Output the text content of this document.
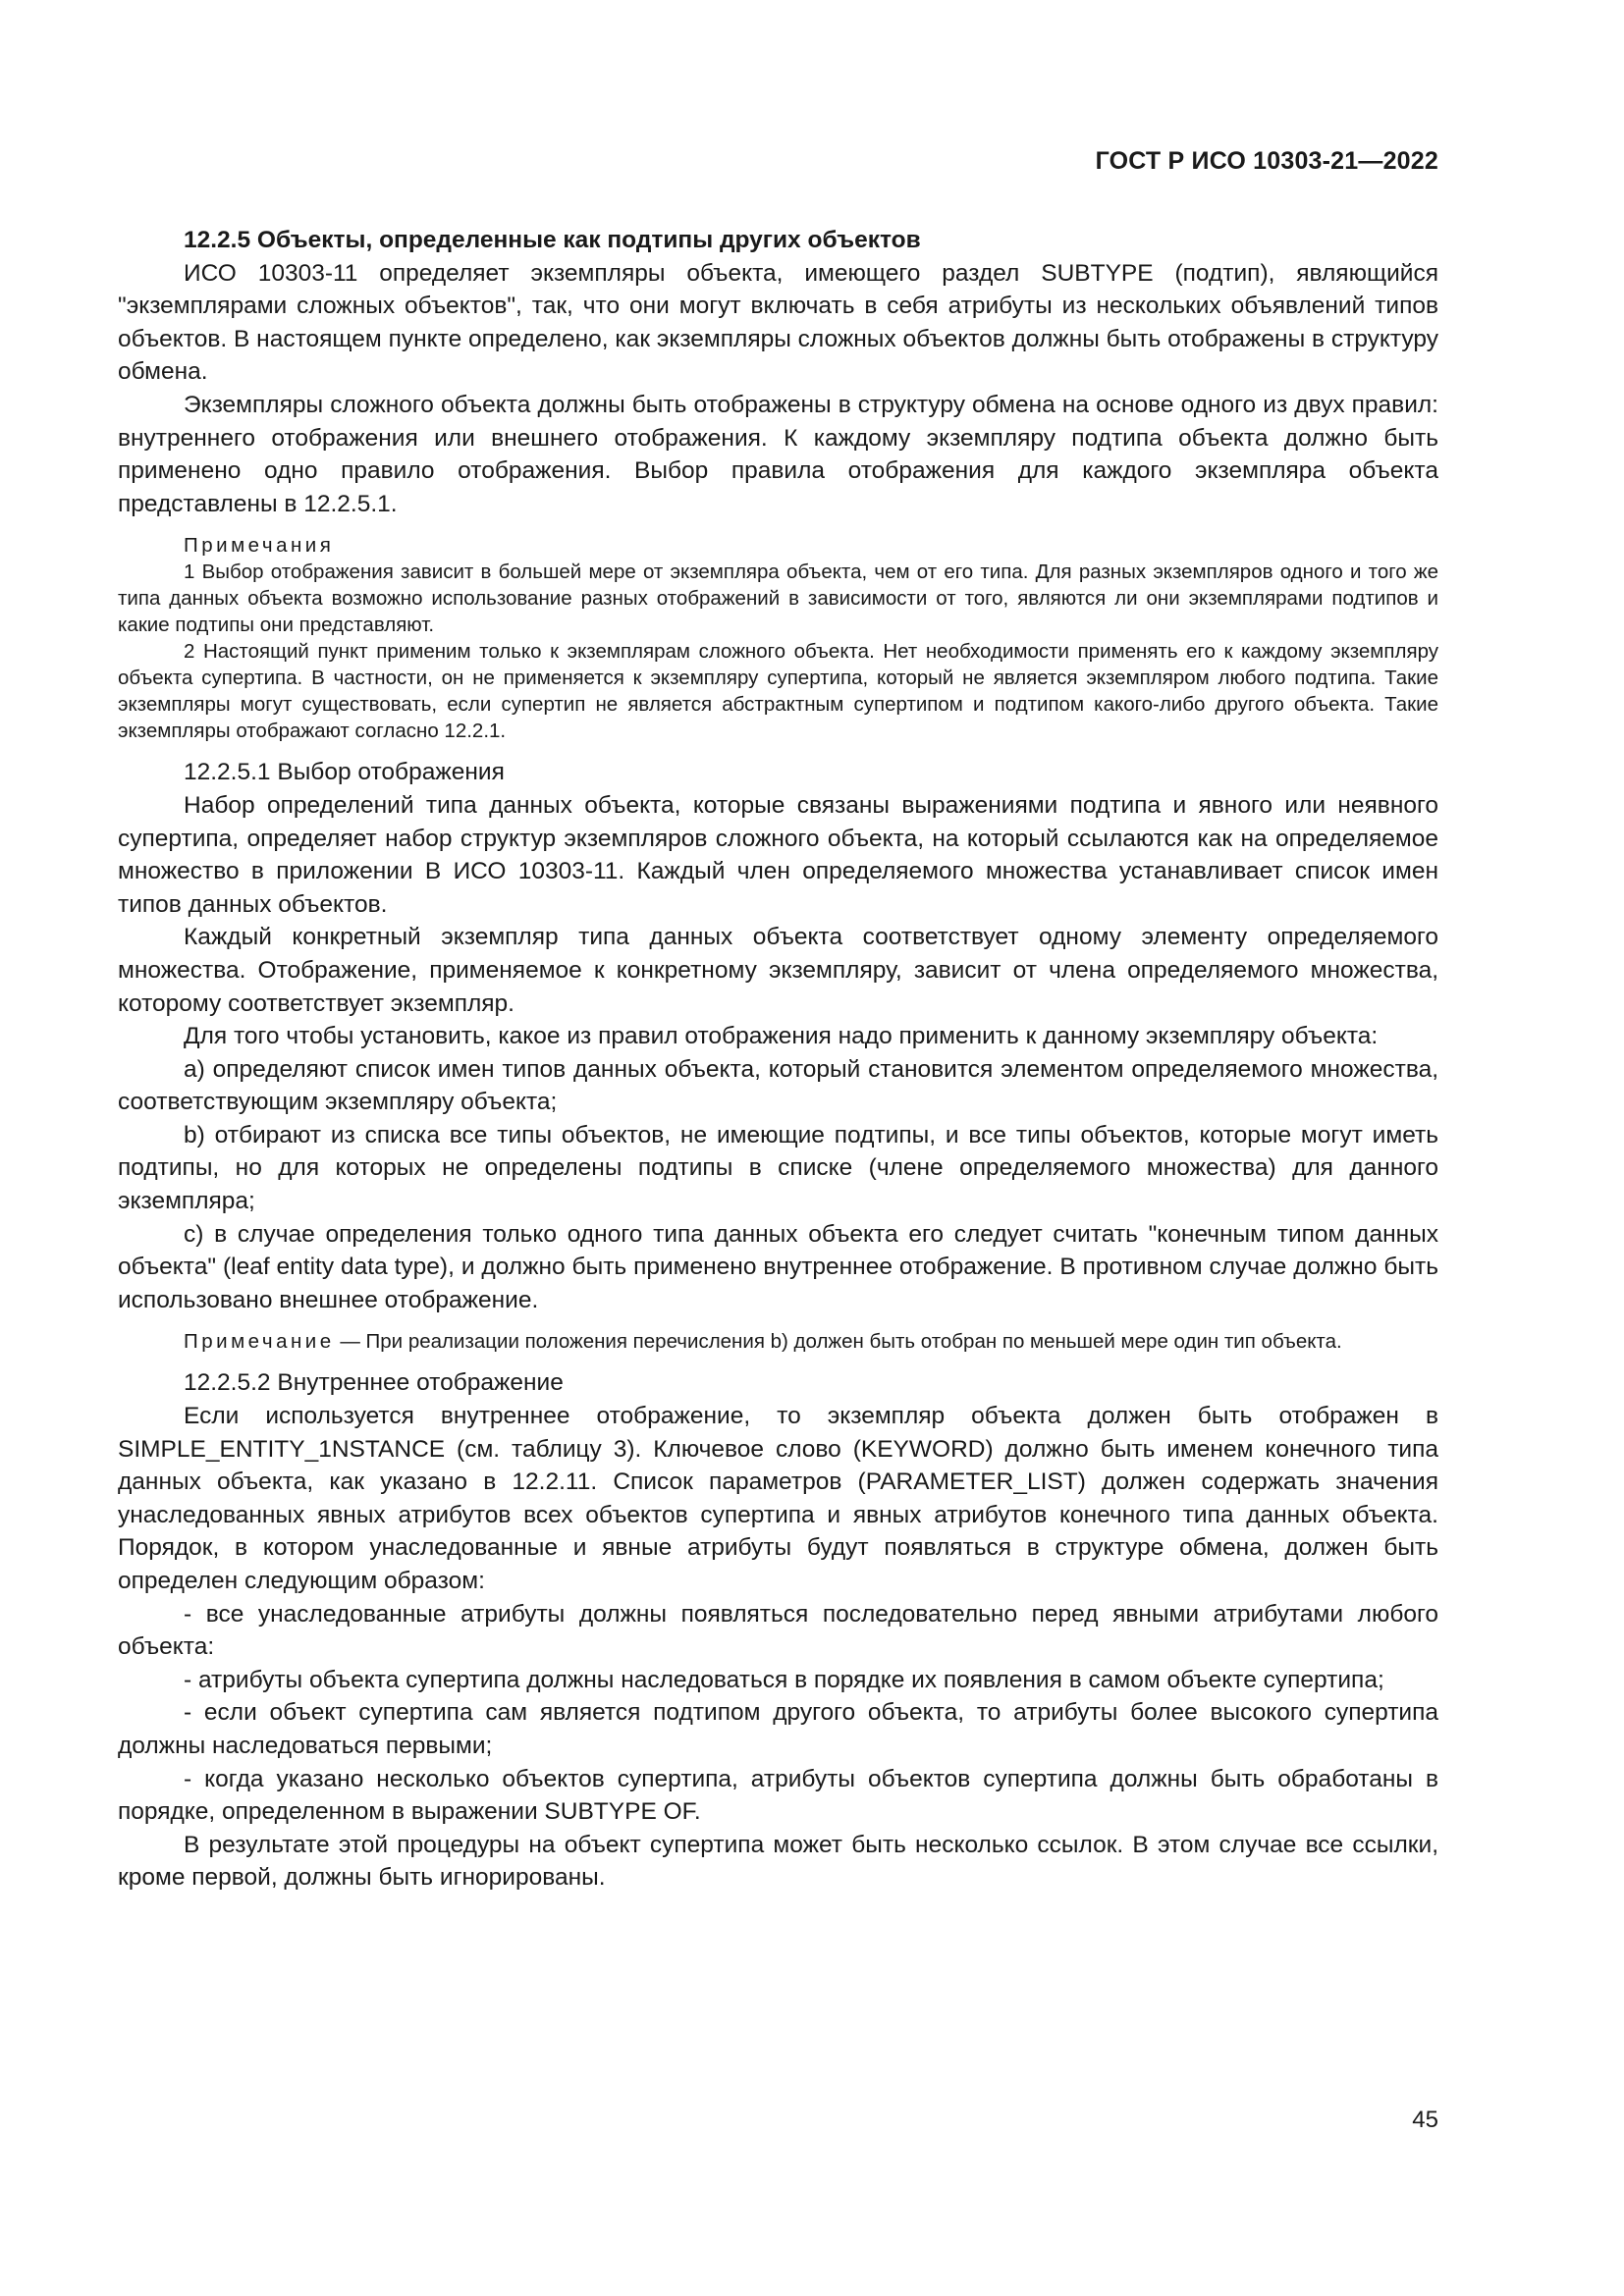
ГОСТ Р ИСО 10303-21—2022

12.2.5 Объекты, определенные как подтипы других объектов

ИСО 10303-11 определяет экземпляры объекта, имеющего раздел SUBTYPE (подтип), являющийся "экземплярами сложных объектов", так, что они могут включать в себя атрибуты из нескольких объявлений типов объектов. В настоящем пункте определено, как экземпляры сложных объектов должны быть отображены в структуру обмена.

Экземпляры сложного объекта должны быть отображены в структуру обмена на основе одного из двух правил: внутреннего отображения или внешнего отображения. К каждому экземпляру подтипа объекта должно быть применено одно правило отображения. Выбор правила отображения для каждого экземпляра объекта представлены в 12.2.5.1.

Примечания

1 Выбор отображения зависит в большей мере от экземпляра объекта, чем от его типа. Для разных экземпляров одного и того же типа данных объекта возможно использование разных отображений в зависимости от того, являются ли они экземплярами подтипов и какие подтипы они представляют.

2 Настоящий пункт применим только к экземплярам сложного объекта. Нет необходимости применять его к каждому экземпляру объекта супертипа. В частности, он не применяется к экземпляру супертипа, который не является экземпляром любого подтипа. Такие экземпляры могут существовать, если супертип не является абстрактным супертипом и подтипом какого-либо другого объекта. Такие экземпляры отображают согласно 12.2.1.

12.2.5.1 Выбор отображения

Набор определений типа данных объекта, которые связаны выражениями подтипа и явного или неявного супертипа, определяет набор структур экземпляров сложного объекта, на который ссылаются как на определяемое множество в приложении В ИСО 10303-11. Каждый член определяемого множества устанавливает список имен типов данных объектов.

Каждый конкретный экземпляр типа данных объекта соответствует одному элементу определяемого множества. Отображение, применяемое к конкретному экземпляру, зависит от члена определяемого множества, которому соответствует экземпляр.

Для того чтобы установить, какое из правил отображения надо применить к данному экземпляру объекта:

а) определяют список имен типов данных объекта, который становится элементом определяемого множества, соответствующим экземпляру объекта;

b) отбирают из списка все типы объектов, не имеющие подтипы, и все типы объектов, которые могут иметь подтипы, но для которых не определены подтипы в списке (члене определяемого множества) для данного экземпляра;

с) в случае определения только одного типа данных объекта его следует считать "конечным типом данных объекта" (leaf entity data type), и должно быть применено внутреннее отображение. В противном случае должно быть использовано внешнее отображение.

Примечание — При реализации положения перечисления b) должен быть отобран по меньшей мере один тип объекта.

12.2.5.2 Внутреннее отображение

Если используется внутреннее отображение, то экземпляр объекта должен быть отображен в SIMPLE_ENTITY_1NSTANCE (см. таблицу 3). Ключевое слово (KEYWORD) должно быть именем конечного типа данных объекта, как указано в 12.2.11. Список параметров (PARAMETER_LIST) должен содержать значения унаследованных явных атрибутов всех объектов супертипа и явных атрибутов конечного типа данных объекта. Порядок, в котором унаследованные и явные атрибуты будут появляться в структуре обмена, должен быть определен следующим образом:

- все унаследованные атрибуты должны появляться последовательно перед явными атрибутами любого объекта:

- атрибуты объекта супертипа должны наследоваться в порядке их появления в самом объекте супертипа;

- если объект супертипа сам является подтипом другого объекта, то атрибуты более высокого супертипа должны наследоваться первыми;

- когда указано несколько объектов супертипа, атрибуты объектов супертипа должны быть обработаны в порядке, определенном в выражении SUBTYPE OF.

В результате этой процедуры на объект супертипа может быть несколько ссылок. В этом случае все ссылки, кроме первой, должны быть игнорированы.

45
